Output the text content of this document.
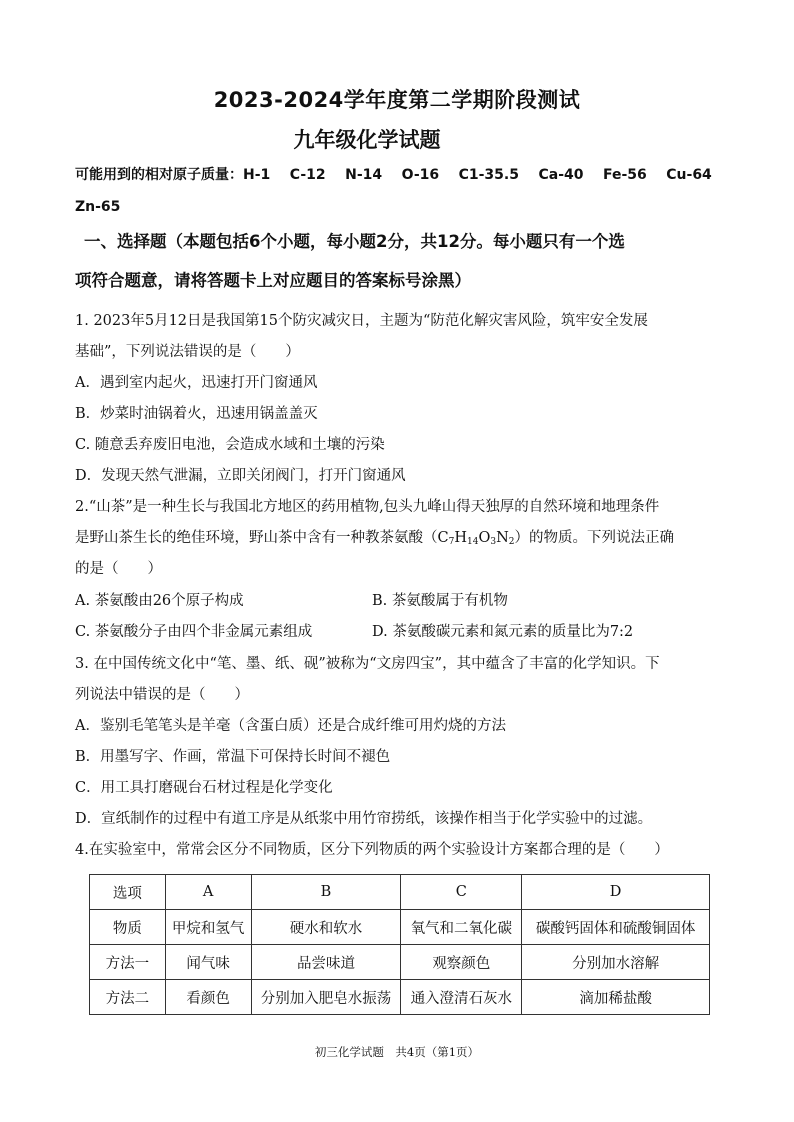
2023-2024学年度第二学期阶段测试
九年级化学试题
可能用到的相对原子质量：H-1    C-12    N-14    O-16    C1-35.5    Ca-40    Fe-56    Cu-64
Zn-65
一、选择题（本题包括6个小题，每小题2分，共12分。每小题只有一个选
项符合题意，请将答题卡上对应题目的答案标号涂黑）
1. 2023年5月12日是我国第15个防灾减灾日，主题为“防范化解灾害风险，筑牢安全发展
基础”，下列说法错误的是（　　）
A．遇到室内起火，迅速打开门窗通风
B．炒菜时油锅着火，迅速用锅盖盖灭
C. 随意丢弃废旧电池，会造成水域和土壤的污染
D．发现天然气泄漏，立即关闭阀门，打开门窗通风
2.“山茶”是一种生长与我国北方地区的药用植物,包头九峰山得天独厚的自然环境和地理条件
是野山茶生长的绝佳环境，野山茶中含有一种教茶氨酸$(C_7H_{14}O_3N_2)$的物质。下列说法正确
的是（　　）
A. 茶氨酸由26个原子构成	B. 茶氨酸属于有机物
C. 茶氨酸分子由四个非金属元素组成	D. 茶氨酸碳元素和氮元素的质量比为7:2
3. 在中国传统文化中“笔、墨、纸、砚”被称为“文房四宝”，其中蕴含了丰富的化学知识。下
列说法中错误的是（　　）
A．鉴别毛笔笔头是羊毫（含蛋白质）还是合成纤维可用灼烧的方法
B．用墨写字、作画，常温下可保持长时间不褪色
C．用工具打磨砚台石材过程是化学变化
D．宣纸制作的过程中有道工序是从纸浆中用竹帘捞纸，该操作相当于化学实验中的过滤。
4.在实验室中，常常会区分不同物质，区分下列物质的两个实验设计方案都合理的是（　　）
选项	A	B	C	D
物质	甲烷和氢气	硬水和软水	氧气和二氧化碳	碳酸钙固体和硫酸铜固体
方法一	闻气味	品尝味道	观察颜色	分别加水溶解
方法二	看颜色	分别加入肥皂水振荡	通入澄清石灰水	滴加稀盐酸
初三化学试题　共4页（第1页）
